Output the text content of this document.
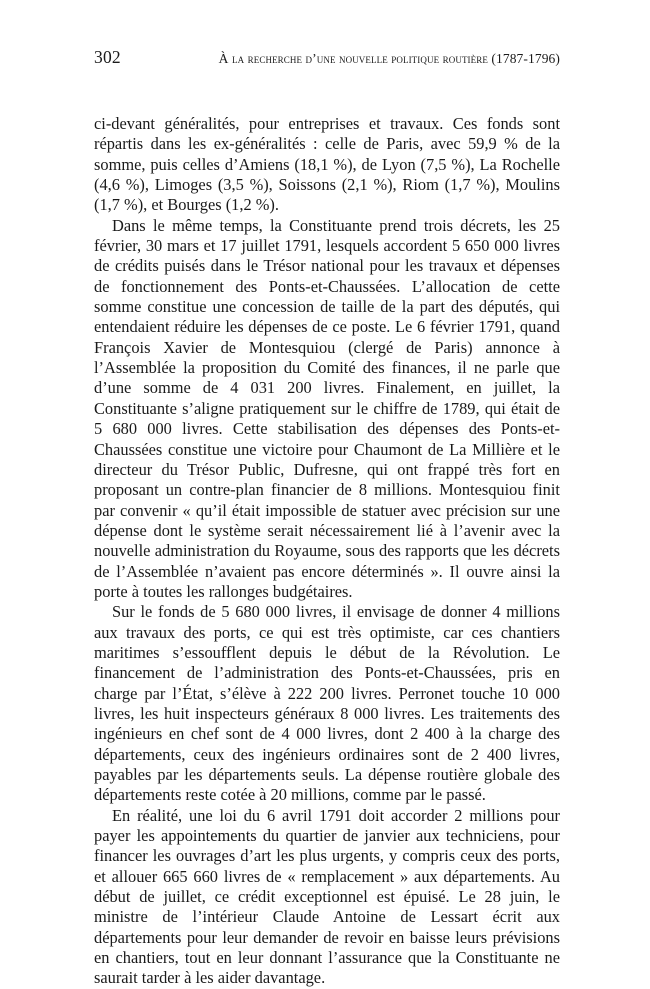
302	À la recherche d’une nouvelle politique routière (1787-1796)

ci-devant généralités, pour entreprises et travaux. Ces fonds sont répartis dans les ex-généralités : celle de Paris, avec 59,9 % de la somme, puis celles d’Amiens (18,1 %), de Lyon (7,5 %), La Rochelle (4,6 %), Limoges (3,5 %), Soissons (2,1 %), Riom (1,7 %), Moulins (1,7 %), et Bourges (1,2 %).

Dans le même temps, la Constituante prend trois décrets, les 25 février, 30 mars et 17 juillet 1791, lesquels accordent 5 650 000 livres de crédits puisés dans le Trésor national pour les travaux et dépenses de fonctionnement des Ponts-et-Chaussées. L’allocation de cette somme constitue une concession de taille de la part des députés, qui entendaient réduire les dépenses de ce poste. Le 6 février 1791, quand François Xavier de Montesquiou (clergé de Paris) annonce à l’Assemblée la proposition du Comité des finances, il ne parle que d’une somme de 4 031 200 livres. Finalement, en juillet, la Constituante s’aligne pratiquement sur le chiffre de 1789, qui était de 5 680 000 livres. Cette stabilisation des dépenses des Ponts-et-Chaussées constitue une victoire pour Chaumont de La Millière et le directeur du Trésor Public, Dufresne, qui ont frappé très fort en proposant un contre-plan financier de 8 millions. Montesquiou finit par convenir « qu’il était impossible de statuer avec précision sur une dépense dont le système serait nécessairement lié à l’avenir avec la nouvelle administration du Royaume, sous des rapports que les décrets de l’Assemblée n’avaient pas encore déterminés ». Il ouvre ainsi la porte à toutes les rallonges budgétaires.

Sur le fonds de 5 680 000 livres, il envisage de donner 4 millions aux travaux des ports, ce qui est très optimiste, car ces chantiers maritimes s’essoufflent depuis le début de la Révolution. Le financement de l’administration des Ponts-et-Chaussées, pris en charge par l’État, s’élève à 222 200 livres. Perronet touche 10 000 livres, les huit inspecteurs généraux 8 000 livres. Les traitements des ingénieurs en chef sont de 4 000 livres, dont 2 400 à la charge des départements, ceux des ingénieurs ordinaires sont de 2 400 livres, payables par les départements seuls. La dépense routière globale des départements reste cotée à 20 millions, comme par le passé.

En réalité, une loi du 6 avril 1791 doit accorder 2 millions pour payer les appointements du quartier de janvier aux techniciens, pour financer les ouvrages d’art les plus urgents, y compris ceux des ports, et allouer 665 660 livres de « remplacement » aux départements. Au début de juillet, ce crédit exceptionnel est épuisé. Le 28 juin, le ministre de l’intérieur Claude Antoine de Lessart écrit aux départements pour leur demander de revoir en baisse leurs prévisions en chantiers, tout en leur donnant l’assurance que la Constituante ne saurait tarder à les aider davantage.
